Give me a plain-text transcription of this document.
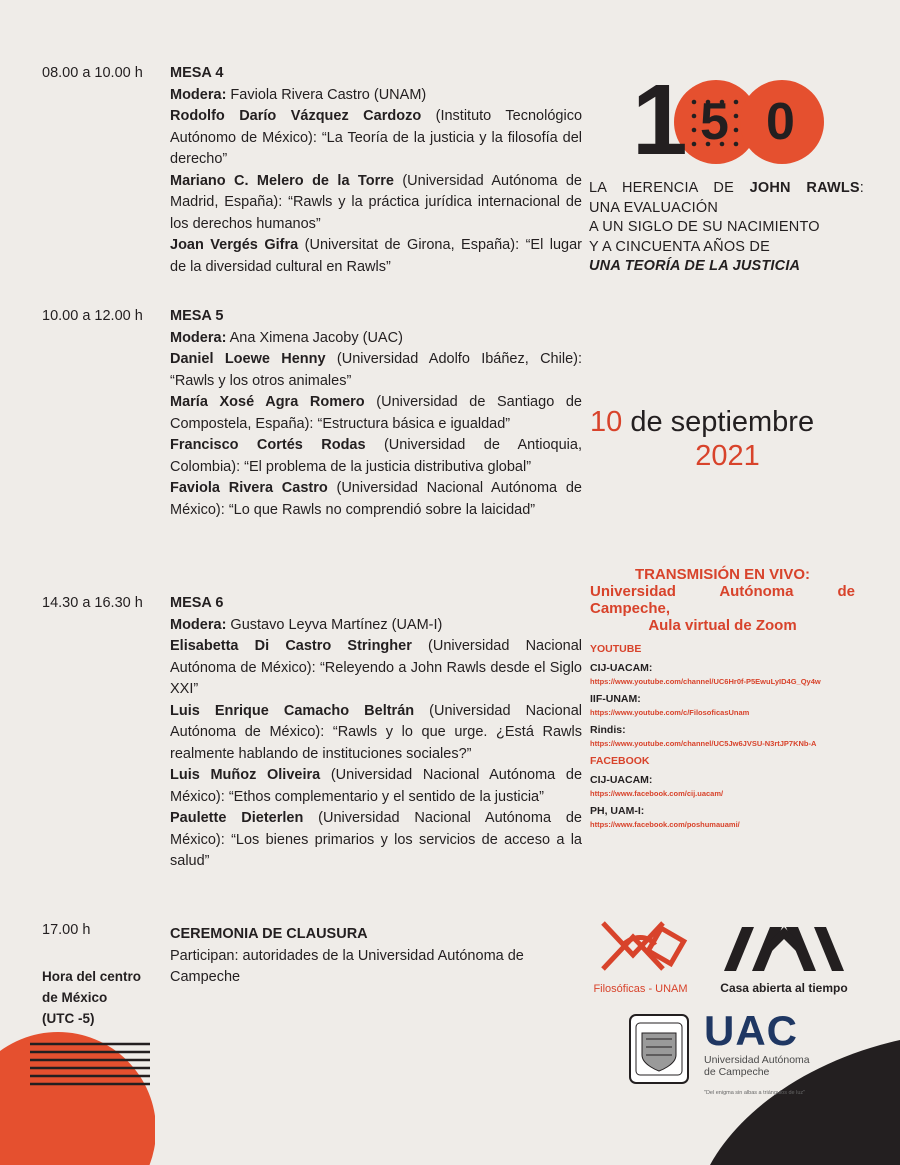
08.00 a 10.00 h MESA 4

Modera: Faviola Rivera Castro (UNAM)

Rodolfo Darío Vázquez Cardozo (Instituto Tecnológico Autónomo de México): “La Teoría de la justicia y la filosofía del derecho”

Mariano C. Melero de la Torre (Universidad Autónoma de Madrid, España): “Rawls y la práctica jurídica internacional de los derechos humanos”

Joan Vergés Gifra (Universitat de Girona, España): “El lugar de la diversidad cultural en Rawls”

10.00 a 12.00 h MESA 5

Modera: Ana Ximena Jacoby (UAC)

Daniel Loewe Henny (Universidad Adolfo Ibáñez, Chile): “Rawls y los otros animales”

María Xosé Agra Romero (Universidad de Santiago de Compostela, España): “Estructura básica e igualdad”

Francisco Cortés Rodas (Universidad de Antioquia, Colombia): “El problema de la justicia distributiva global”

Faviola Rivera Castro (Universidad Nacional Autónoma de México): “Lo que Rawls no comprendió sobre la laicidad”

14.30 a 16.30 h MESA 6

Modera: Gustavo Leyva Martínez (UAM-I)

Elisabetta Di Castro Stringher (Universidad Nacional Autónoma de México): “Releyendo a John Rawls desde el Siglo XXI”

Luis Enrique Camacho Beltrán (Universidad Nacional Autónoma de México): “Rawls y lo que urge. ¿Está Rawls realmente hablando de instituciones sociales?”

Luis Muñoz Oliveira (Universidad Nacional Autónoma de México): “Ethos complementario y el sentido de la justicia”

Paulette Dieterlen (Universidad Nacional Autónoma de México): “Los bienes primarios y los servicios de acceso a la salud”

17.00 h
Hora del centro
de México
(UTC -5)

CEREMONIA DE CLAUSURA

Participan: autoridades de la Universidad Autónoma de Campeche

1 5 0
LA HERENCIA DE JOHN RAWLS:
UNA EVALUACIÓN
A UN SIGLO DE SU NACIMIENTO
Y A CINCUENTA AÑOS DE
UNA TEORÍA DE LA JUSTICIA
10 de septiembre
2021
TRANSMISIÓN EN VIVO:
Universidad Autónoma de Campeche,
Aula virtual de Zoom
YOUTUBE
CIJ-UACAM:
https://www.youtube.com/channel/UC6Hr0f-P5EwuLyID4G_Qy4w
IIF-UNAM:
https://www.youtube.com/c/FilosoficasUnam
Rindis:
https://www.youtube.com/channel/UC5Jw6JVSU-N3rtJP7KNb-A
FACEBOOK
CIJ-UACAM:
https://www.facebook.com/cij.uacam/
PH, UAM-I:
https://www.facebook.com/poshumauami/
Filosóficas - UNAM	Casa abierta al tiempo
UAC
Universidad Autónoma
de Campeche
"Del enigma sin albas a triángulos de luz"
